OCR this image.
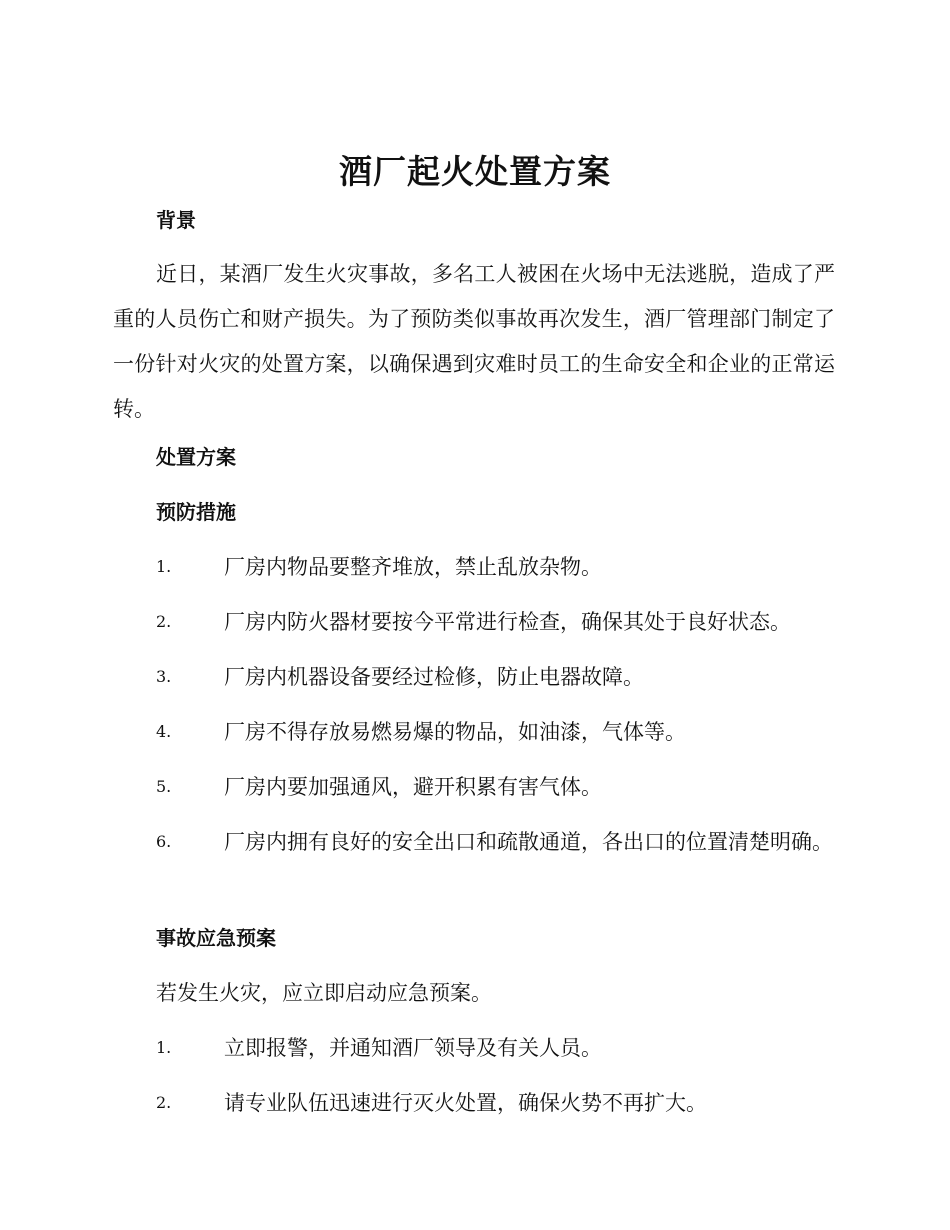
酒厂起火处置方案
背景

近日，某酒厂发生火灾事故，多名工人被困在火场中无法逃脱，造成了严重的人员伤亡和财产损失。为了预防类似事故再次发生，酒厂管理部门制定了一份针对火灾的处置方案，以确保遇到灾难时员工的生命安全和企业的正常运转。

处置方案
预防措施
1.	厂房内物品要整齐堆放，禁止乱放杂物。
2.	厂房内防火器材要按今平常进行检查，确保其处于良好状态。
3.	厂房内机器设备要经过检修，防止电器故障。
4.	厂房不得存放易燃易爆的物品，如油漆，气体等。
5.	厂房内要加强通风，避开积累有害气体。
6.	厂房内拥有良好的安全出口和疏散通道，各出口的位置清楚明确。
事故应急预案

若发生火灾，应立即启动应急预案。

1.	立即报警，并通知酒厂领导及有关人员。
2.	请专业队伍迅速进行灭火处置，确保火势不再扩大。
